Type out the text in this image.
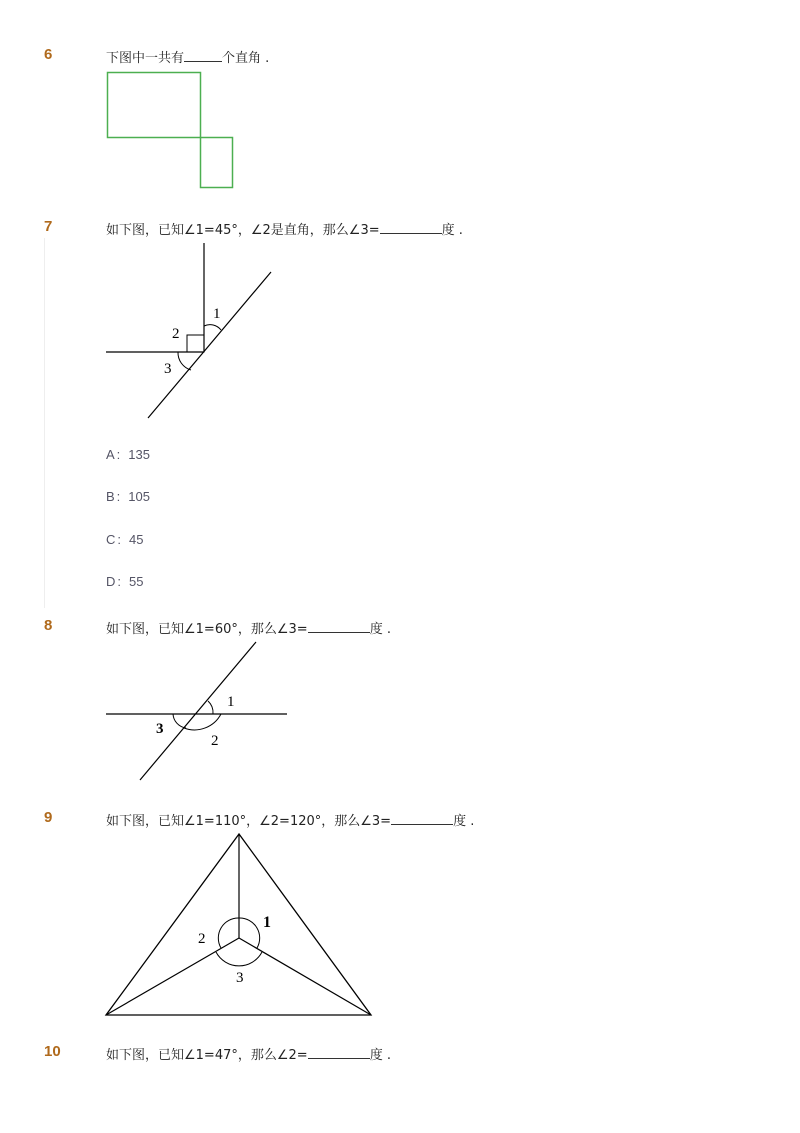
6	下图中一共有	个直角 .
7	如下图，已知∠1=45°，∠2是直角，那么∠3=	度 .
1
2
3
A : 135
B : 105
C : 45
D : 55
8	如下图，已知∠1=60°，那么∠3=	度 .
1
2
3
9	如下图，已知∠1=110°，∠2=120°，那么∠3=	度 .
1
2
3
10	如下图，已知∠1=47°，那么∠2=	度 .
